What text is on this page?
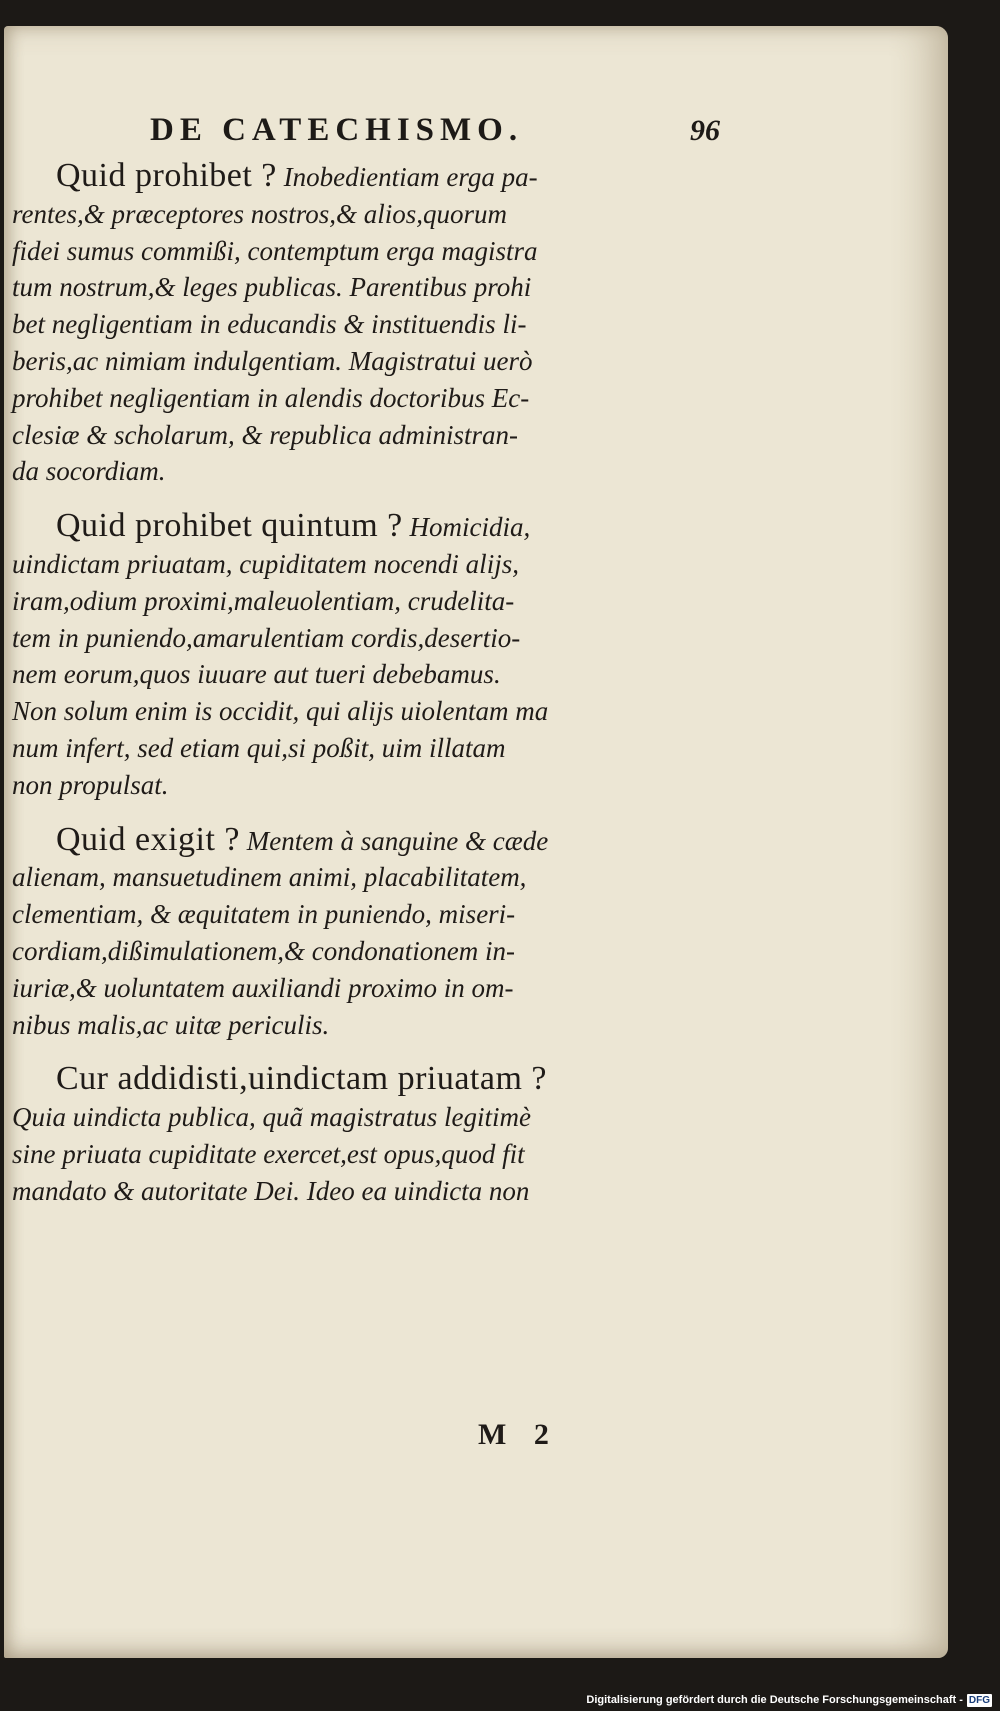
DE CATECHISMO.	96
Quid prohibet ? Inobedientiam erga pa-
rentes,& præceptores nostros,& alios,quorum
fidei sumus commißi, contemptum erga magistra
tum nostrum,& leges publicas. Parentibus prohi
bet negligentiam in educandis & instituendis li-
beris,ac nimiam indulgentiam. Magistratui uerò
prohibet negligentiam in alendis doctoribus Ec-
clesiæ & scholarum, & republica administran-
da socordiam.
Quid prohibet quintum ? Homicidia,
uindictam priuatam, cupiditatem nocendi alijs,
iram,odium proximi,maleuolentiam, crudelita-
tem in puniendo,amarulentiam cordis,desertio-
nem eorum,quos iuuare aut tueri debebamus.
Non solum enim is occidit, qui alijs uiolentam ma
num infert, sed etiam qui,si poßit, uim illatam
non propulsat.
Quid exigit ? Mentem à sanguine & cæde
alienam, mansuetudinem animi, placabilitatem,
clementiam, & æquitatem in puniendo, miseri-
cordiam,dißimulationem,& condonationem in-
iuriæ,& uoluntatem auxiliandi proximo in om-
nibus malis,ac uitæ periculis.
Cur addidisti,uindictam priuatam ?
Quia uindicta publica, quã magistratus legitimè
sine priuata cupiditate exercet,est opus,quod fit
mandato & autoritate Dei. Ideo ea uindicta non
M 2
Digitalisierung gefördert durch die Deutsche Forschungsgemeinschaft - DFG
